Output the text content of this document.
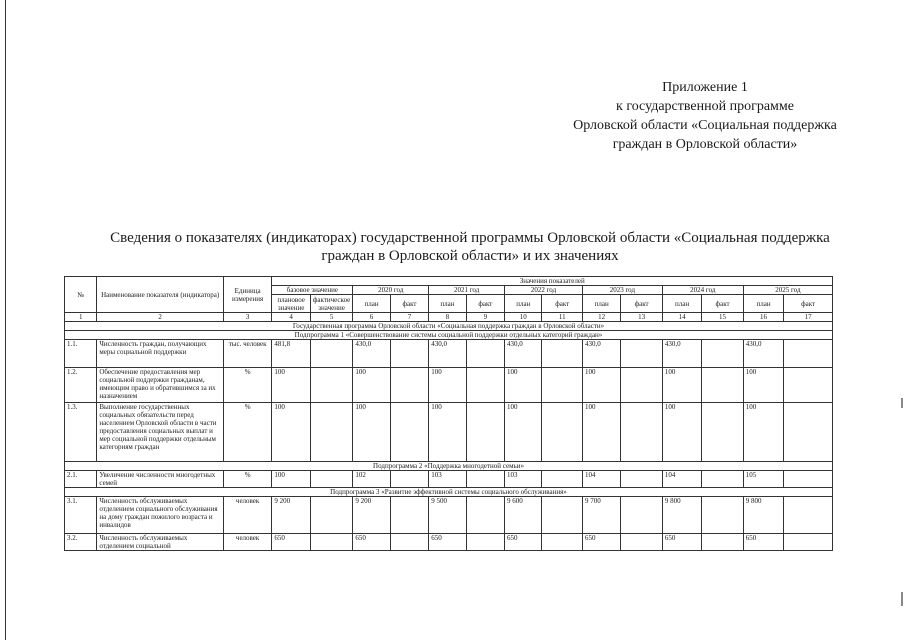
Приложение 1
к государственной программе
Орловской области «Социальная поддержка
граждан в Орловской области»
Сведения о показателях (индикаторах) государственной программы Орловской области «Социальная поддержка
граждан в Орловской области» и их значениях
№	Наименование показателя (индикатора)	Единица измерения	Значения показателей													
			базовое значение		2020 год		2021 год		2022 год		2023 год		2024 год		2025 год	
			плановое значение	фактическое значение	план	факт	план	факт	план	факт	план	факт	план	факт	план	факт
1	2	3	4	5	6	7	8	9	10	11	12	13	14	15	16	17
Государственная программа Орловской области «Социальная поддержка граждан в Орловской области»																
Подпрограмма 1 «Совершенствование системы социальной поддержки отдельных категорий граждан»																
1.1.	Численность граждан, получающих меры социальной поддержки	тыс. человек	481,8		430,0		430,0		430,0		430,0		430,0		430,0	
1.2.	Обеспечение предоставления мер социальной поддержки гражданам, имеющим право и обратившимся за их назначением	%	100		100		100		100		100		100		100	
1.3.	Выполнение государственных социальных обязательств перед населением Орловской области в части предоставления социальных выплат и мер социальной поддержки отдельным категориям граждан	%	100		100		100		100		100		100		100	
Подпрограмма 2 «Поддержка многодетной семьи»																
2.1.	Увеличение численности многодетных семей	%	100		102		103		103		104		104		105	
Подпрограмма 3 «Развитие эффективной системы социального обслуживания»																
3.1.	Численность обслуживаемых отделением социального обслуживания на дому граждан пожилого возраста и инвалидов	человек	9 200		9 200		9 500		9 600		9 700		9 800		9 800	
3.2.	Численность обслуживаемых отделением социальной	человек	650		650		650		650		650		650		650	
